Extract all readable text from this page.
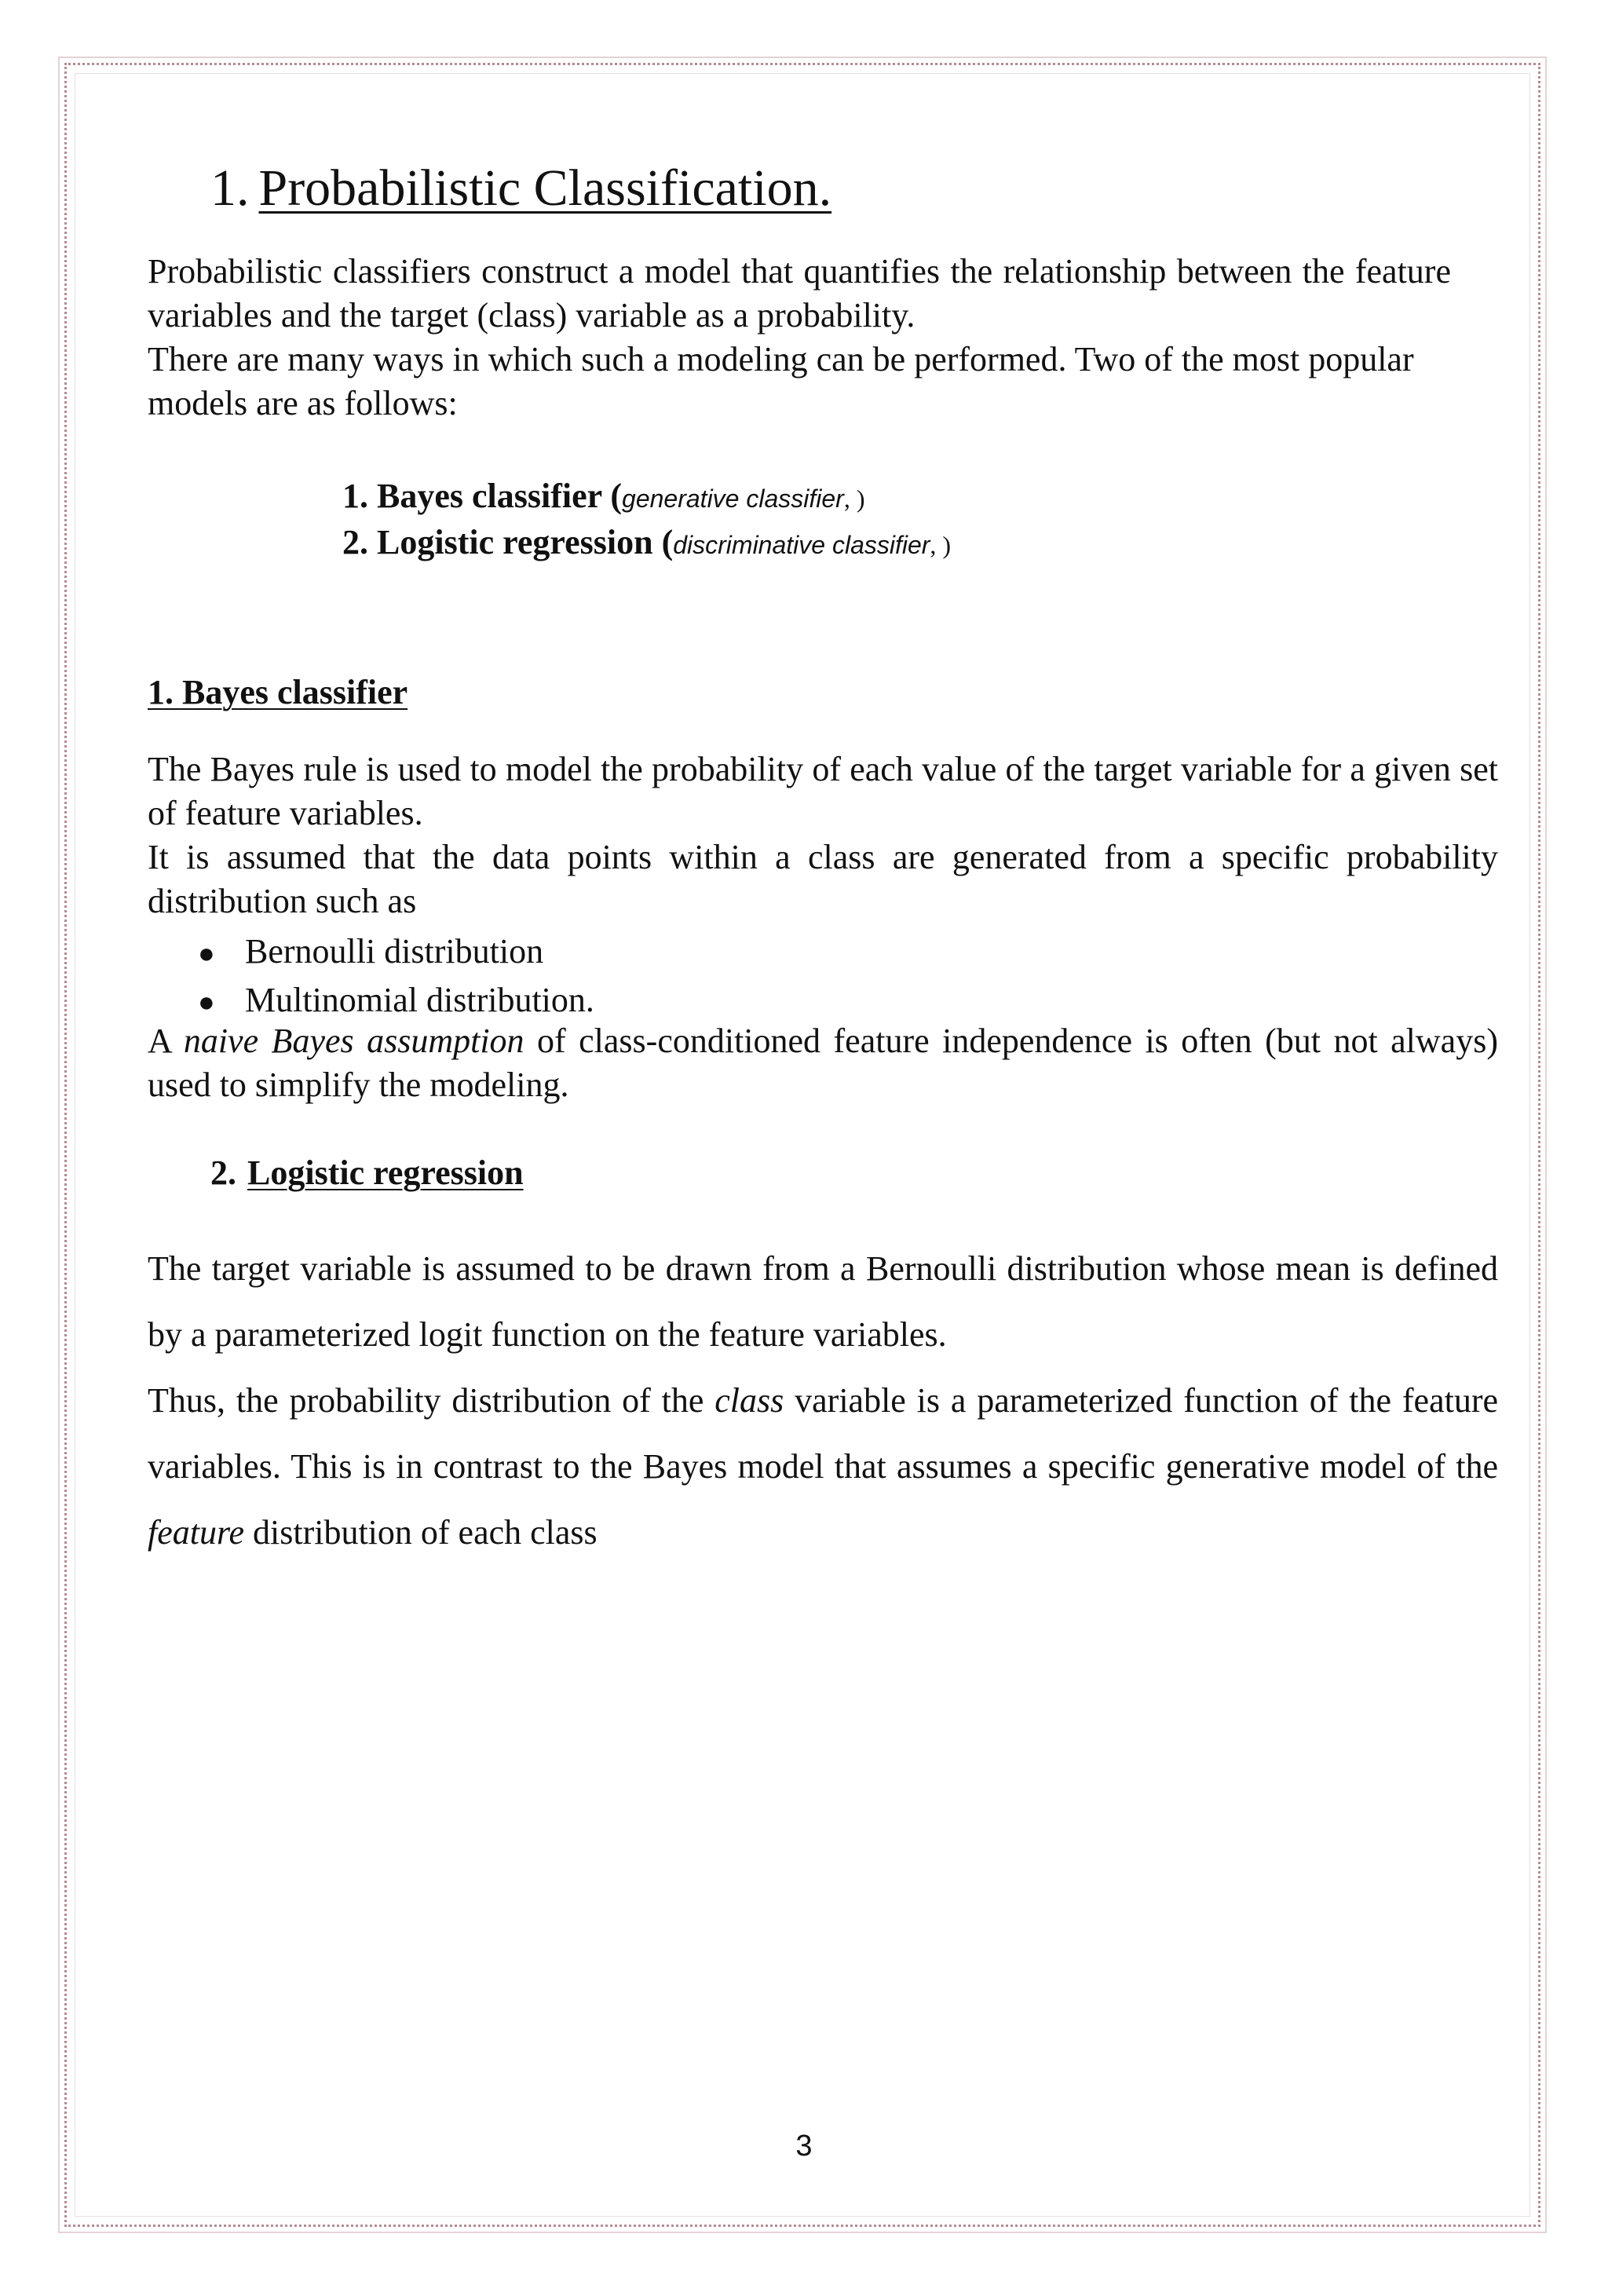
1. Probabilistic Classification.

Probabilistic classifiers construct a model that quantifies the relationship between the feature variables and the target (class) variable as a probability.

There are many ways in which such a modeling can be performed. Two of the most popular models are as follows:

1. Bayes classifier (generative classifier, )
2. Logistic regression (discriminative classifier, )
1. Bayes classifier

The Bayes rule is used to model the probability of each value of the target variable for a given set of feature variables.

It is assumed that the data points within a class are generated from a specific probability distribution such as

● Bernoulli distribution
● Multinomial distribution.

A naive Bayes assumption of class-conditioned feature independence is often (but not always) used to simplify the modeling.

2. Logistic regression

The target variable is assumed to be drawn from a Bernoulli distribution whose mean is defined by a parameterized logit function on the feature variables.

Thus, the probability distribution of the class variable is a parameterized function of the feature variables. This is in contrast to the Bayes model that assumes a specific generative model of the feature distribution of each class

3
